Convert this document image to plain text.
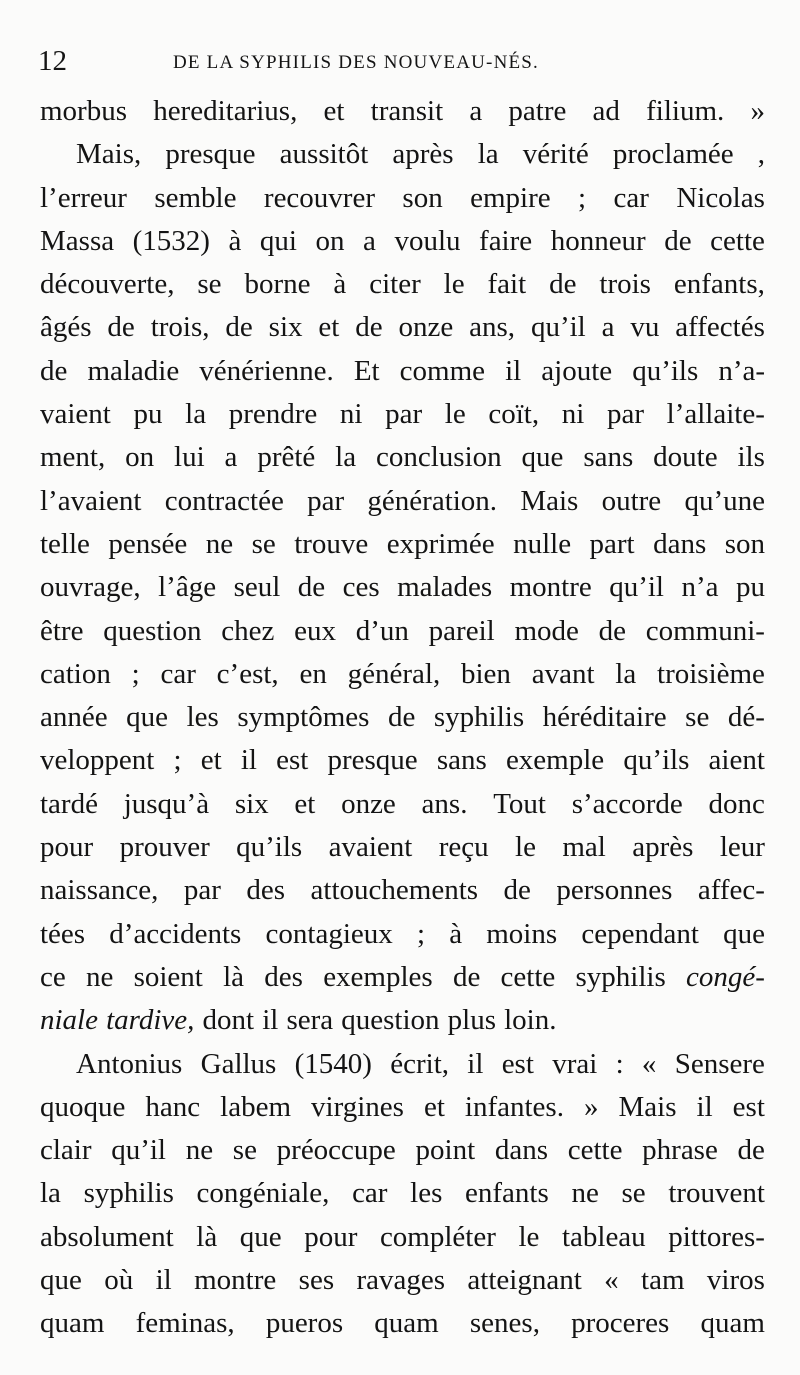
12	DE LA SYPHILIS DES NOUVEAU-NÉS.
morbus hereditarius, et transit a patre ad filium. »
Mais, presque aussitôt après la vérité proclamée ,
l’erreur semble recouvrer son empire ; car Nicolas
Massa (1532) à qui on a voulu faire honneur de cette
découverte, se borne à citer le fait de trois enfants,
âgés de trois, de six et de onze ans, qu’il a vu affectés
de maladie vénérienne. Et comme il ajoute qu’ils n’a-
vaient pu la prendre ni par le coït, ni par l’allaite-
ment, on lui a prêté la conclusion que sans doute ils
l’avaient contractée par génération. Mais outre qu’une
telle pensée ne se trouve exprimée nulle part dans son
ouvrage, l’âge seul de ces malades montre qu’il n’a pu
être question chez eux d’un pareil mode de communi-
cation ; car c’est, en général, bien avant la troisième
année que les symptômes de syphilis héréditaire se dé-
veloppent ; et il est presque sans exemple qu’ils aient
tardé jusqu’à six et onze ans. Tout s’accorde donc
pour prouver qu’ils avaient reçu le mal après leur
naissance, par des attouchements de personnes affec-
tées d’accidents contagieux ; à moins cependant que
ce ne soient là des exemples de cette syphilis congé-
niale tardive, dont il sera question plus loin.
Antonius Gallus (1540) écrit, il est vrai : « Sensere
quoque hanc labem virgines et infantes. » Mais il est
clair qu’il ne se préoccupe point dans cette phrase de
la syphilis congéniale, car les enfants ne se trouvent
absolument là que pour compléter le tableau pittores-
que où il montre ses ravages atteignant « tam viros
quam feminas, pueros quam senes, proceres quam
